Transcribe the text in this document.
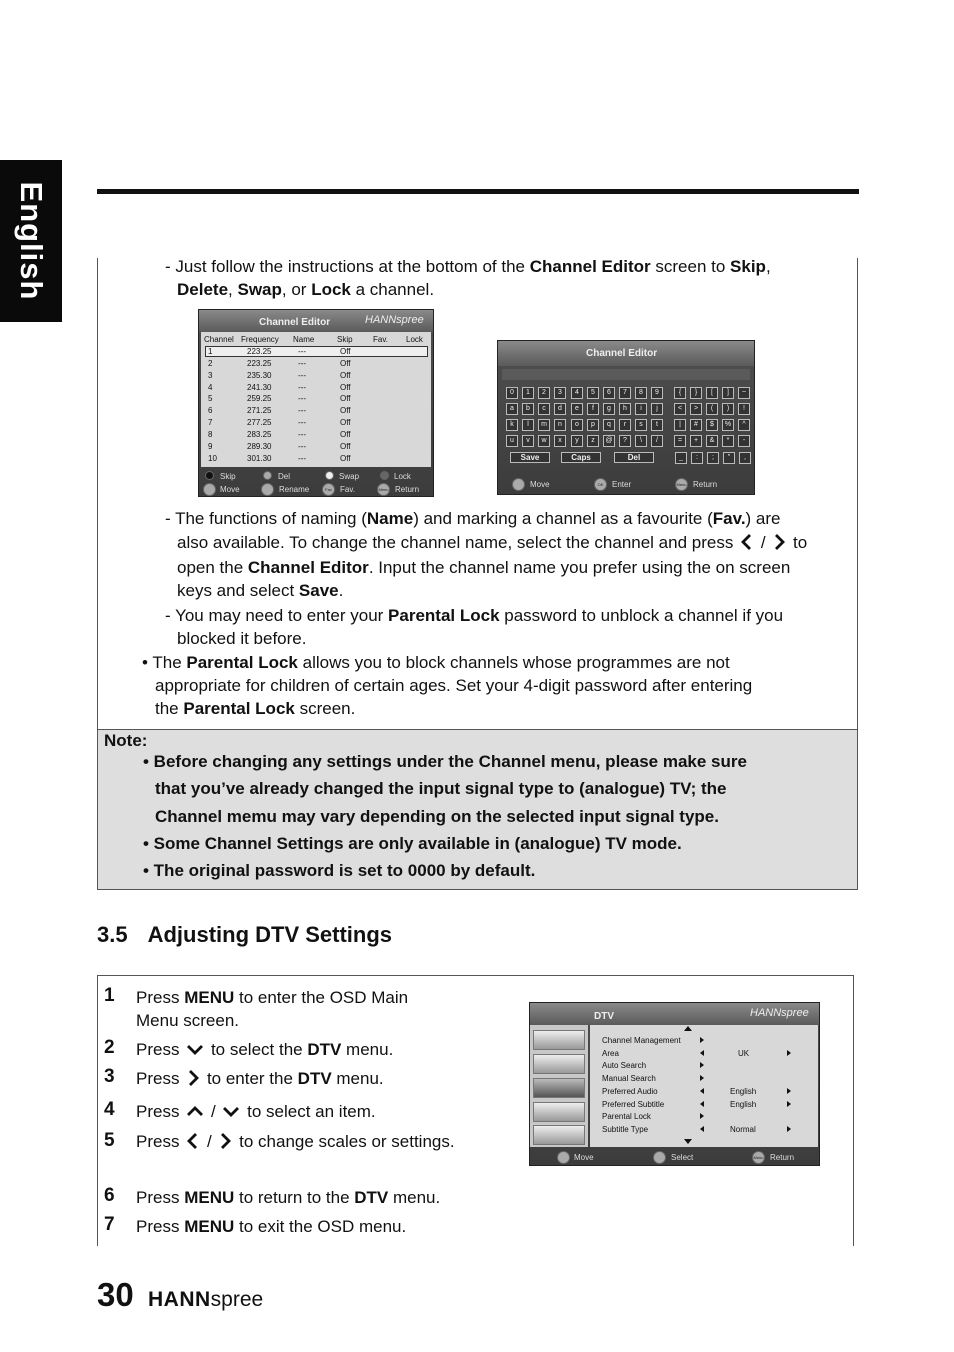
English	- Just follow the instructions at the bottom of the Channel Editor screen to Skip,
Delete, Swap, or Lock a channel.
Channel Editor	HANNspree
Channel Frequency Name	Skip	Fav. Lock
1	223.25	---	Off
2	223.25	---	Off
3	235.30	---	Off
4	241.30	---	Off
5	259.25	---	Off
6	271.25	---	Off
7	277.25	---	Off
8	283.25	---	Off
9	289.30	---	Off
10	301.30	---	Off
Skip	Del	Swap	Lock
Move	Rename	Fav	Fav.	Menu Return
Channel Editor
0	1	2	3	4	5	6	7	8	9	{	}	[	]	~
a	b	c	d	e	f	g	h	i	j	<	>	(	)	!
k	l	m	n	o	p	q	r	s	t	|	#	$	%	^
u	v	w	x	y	z	@	?	\	/	=	+	&	*	-
Save	Caps	Del	_	:	;	"	,
Move	OK	Enter	Menu Return
- The functions of naming (Name) and marking a channel as a favourite (Fav.) are
also available. To change the channel name, select the channel and press  / to
open the Channel Editor. Input the channel name you prefer using the on screen
keys and select Save.
- You may need to enter your Parental Lock password to unblock a channel if you
blocked it before.
• The Parental Lock allows you to block channels whose programmes are not
appropriate for children of certain ages. Set your 4-digit password after entering
the Parental Lock screen.
Note:
• Before changing any settings under the Channel menu, please make sure
that you’ve already changed the input signal type to (analogue) TV; the
Channel memu may vary depending on the selected input signal type.
• Some Channel Settings are only available in (analogue) TV mode.
• The original password is set to 0000 by default.
3.5 Adjusting DTV Settings
1 Press MENU to enter the OSD Main
Menu screen.
2 Press  to select the DTV menu.
3 Press  to enter the DTV menu.
4 Press /  to select an item.
5 Press /  to change scales or settings.
6 Press MENU to return to the DTV menu.
7 Press MENU to exit the OSD menu.
DTV	HANNspree
Channel Management
Area	UK
Auto Search
Manual Search
Preferred Audio	English
Preferred Subtitle	English
Parental Lock
Subtitle Type	Normal
Move	Select	Menu Return
30 HANNspree
